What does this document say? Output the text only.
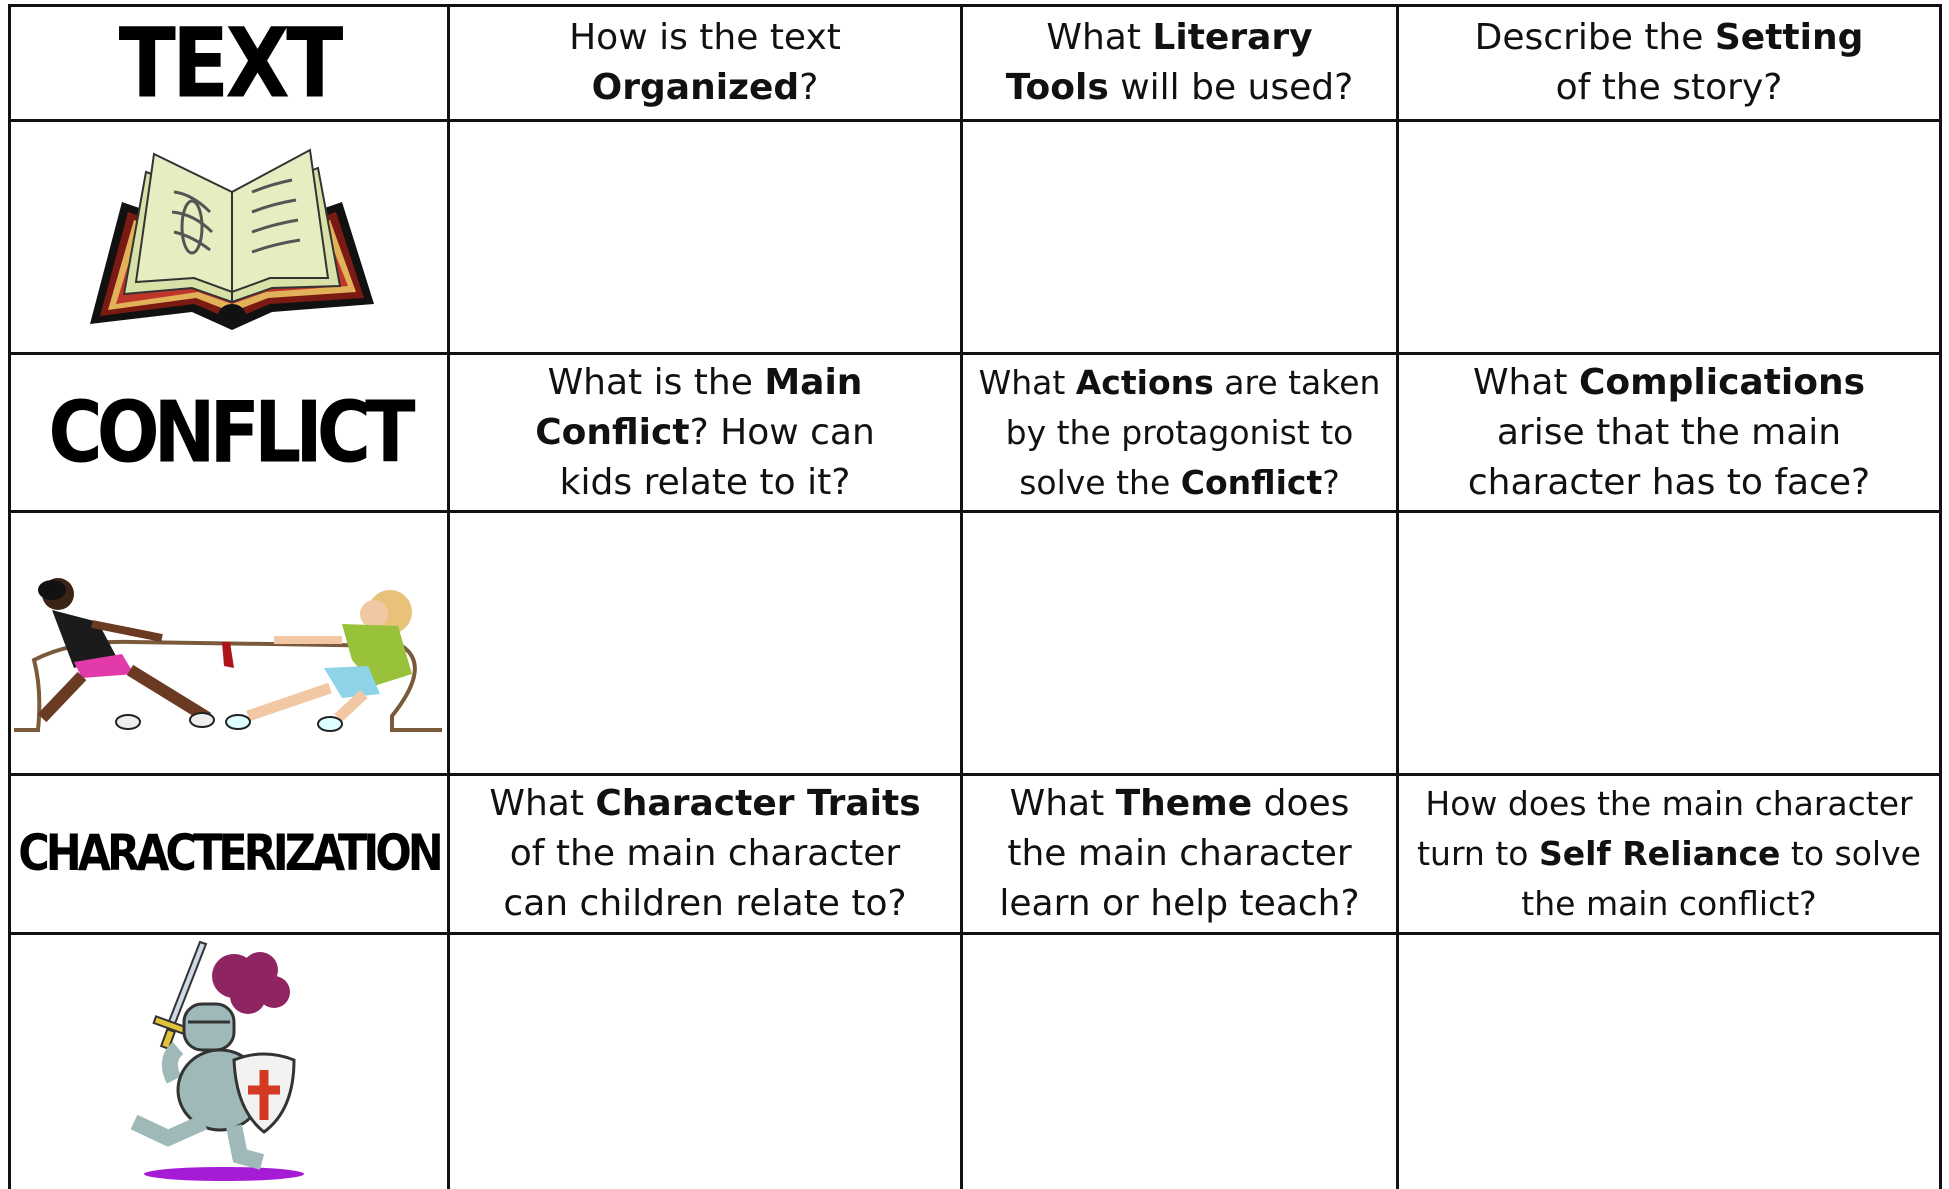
TEXT	How is the text Organized?
What Literary Tools will be used?
Describe the Setting of the story?
CONFLICT
What is the Main Conflict? How can kids relate to it?
What Actions are taken by the protagonist to solve the Conflict?
What Complications arise that the main character has to face?
CHARACTERIZATION
What Character Traits of the main character can children relate to?
What Theme does the main character learn or help teach?
How does the main character turn to Self Reliance to solve the main conflict?
